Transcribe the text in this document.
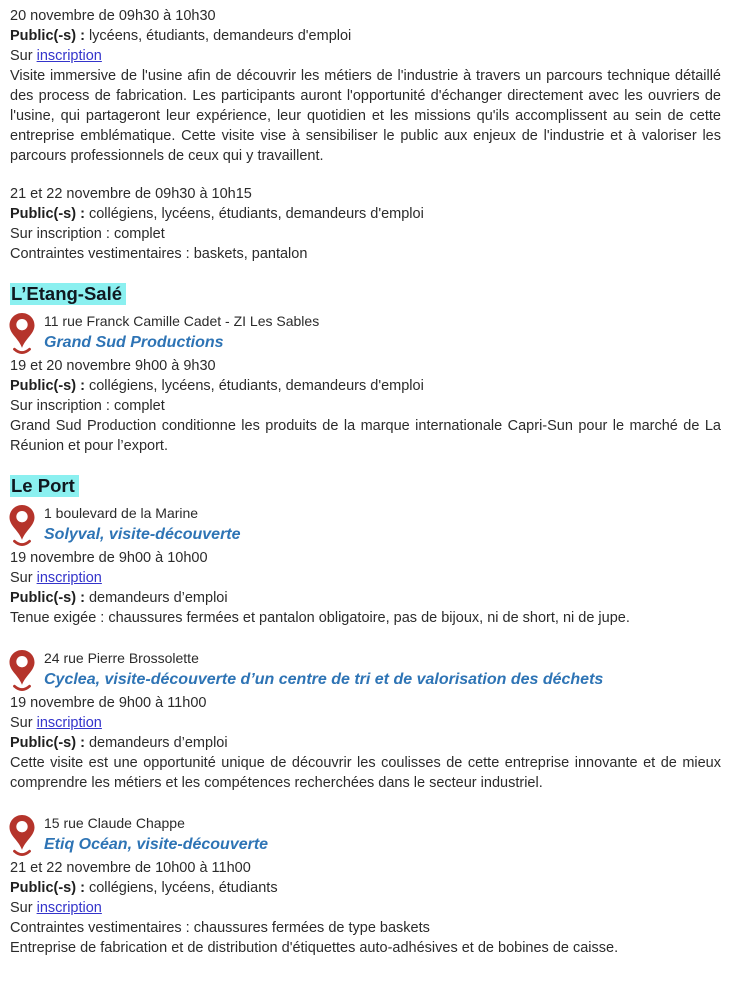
20 novembre de 09h30 à 10h30
Public(-s) : lycéens, étudiants, demandeurs d'emploi
Sur inscription

Visite immersive de l'usine afin de découvrir les métiers de l'industrie à travers un parcours technique détaillé des process de fabrication. Les participants auront l'opportunité d'échanger directement avec les ouvriers de l'usine, qui partageront leur expérience, leur quotidien et les missions qu'ils accomplissent au sein de cette entreprise emblématique. Cette visite vise à sensibiliser le public aux enjeux de l'industrie et à valoriser les parcours professionnels de ceux qui y travaillent.

21 et 22 novembre de 09h30 à 10h15
Public(-s) : collégiens, lycéens, étudiants, demandeurs d'emploi
Sur inscription : complet
Contraintes vestimentaires : baskets, pantalon
L’Etang-Salé
11 rue Franck Camille Cadet - ZI Les Sables
Grand Sud Productions
19 et 20 novembre 9h00 à 9h30
Public(-s) : collégiens, lycéens, étudiants, demandeurs d'emploi
Sur inscription : complet

Grand Sud Production conditionne les produits de la marque internationale Capri-Sun pour le marché de La Réunion et pour l’export.

Le Port
1 boulevard de la Marine
Solyval, visite-découverte
19 novembre de 9h00 à 10h00
Sur inscription
Public(-s) : demandeurs d’emploi

Tenue exigée : chaussures fermées et pantalon obligatoire, pas de bijoux, ni de short, ni de jupe.

24 rue Pierre Brossolette
Cyclea, visite-découverte d’un centre de tri et de valorisation des déchets
19 novembre de 9h00 à 11h00
Sur inscription
Public(-s) : demandeurs d’emploi

Cette visite est une opportunité unique de découvrir les coulisses de cette entreprise innovante et de mieux comprendre les métiers et les compétences recherchées dans le secteur industriel.

15 rue Claude Chappe
Etiq Océan, visite-découverte
21 et 22 novembre de 10h00 à 11h00
Public(-s) : collégiens, lycéens, étudiants
Sur inscription
Contraintes vestimentaires : chaussures fermées de type baskets
Entreprise de fabrication et de distribution d'étiquettes auto-adhésives et de bobines de caisse.
